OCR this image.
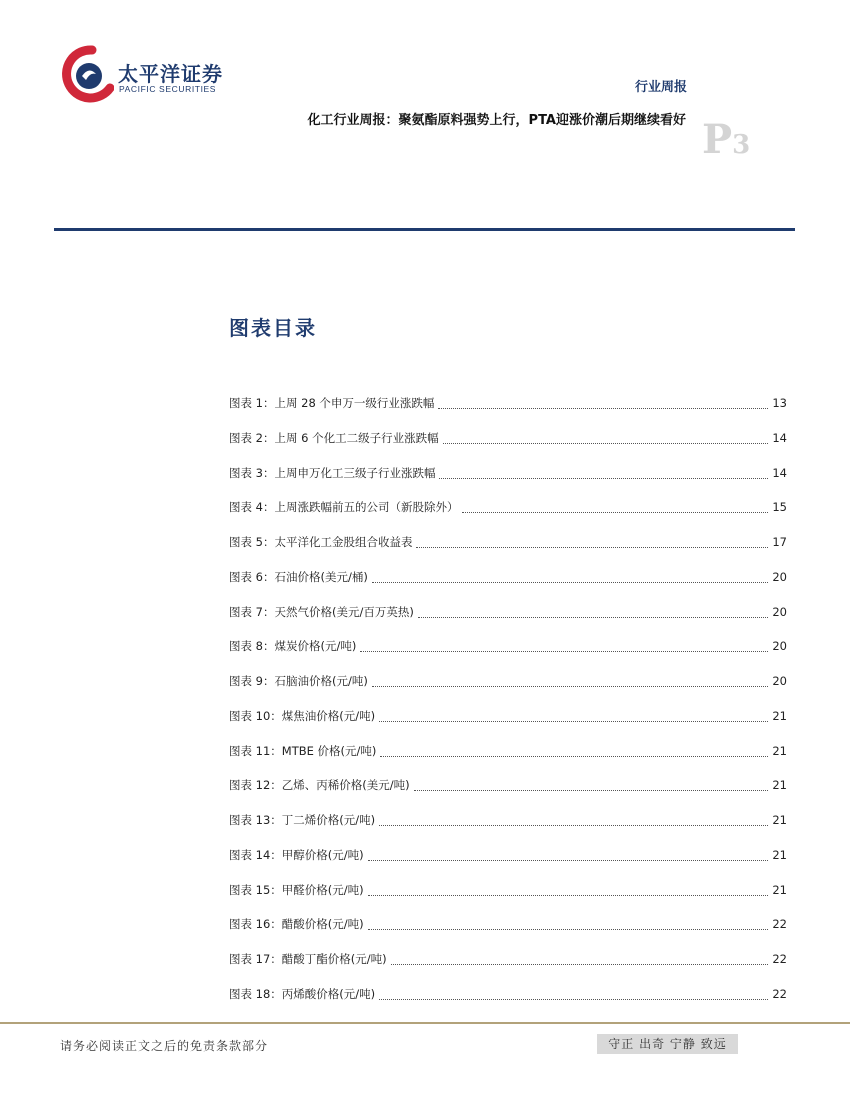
太平洋证券
PACIFIC SECURITIES	行业周报
化工行业周报：聚氨酯原料强势上行，PTA迎涨价潮后期继续看好 P3
图表目录
图表 1：上周 28 个申万一级行业涨跌幅	13
图表 2：上周 6 个化工二级子行业涨跌幅	14
图表 3：上周申万化工三级子行业涨跌幅	14
图表 4：上周涨跌幅前五的公司（新股除外）	15
图表 5：太平洋化工金股组合收益表	17
图表 6：石油价格(美元/桶)	20
图表 7：天然气价格(美元/百万英热)	20
图表 8：煤炭价格(元/吨)	20
图表 9：石脑油价格(元/吨)	20
图表 10：煤焦油价格(元/吨)	21
图表 11：MTBE 价格(元/吨)	21
图表 12：乙烯、丙稀价格(美元/吨)	21
图表 13：丁二烯价格(元/吨)	21
图表 14：甲醇价格(元/吨)	21
图表 15：甲醛价格(元/吨)	21
图表 16：醋酸价格(元/吨)	22
图表 17：醋酸丁酯价格(元/吨)	22
图表 18：丙烯酸价格(元/吨)	22
请务必阅读正文之后的免责条款部分	守正 出奇 宁静 致远
